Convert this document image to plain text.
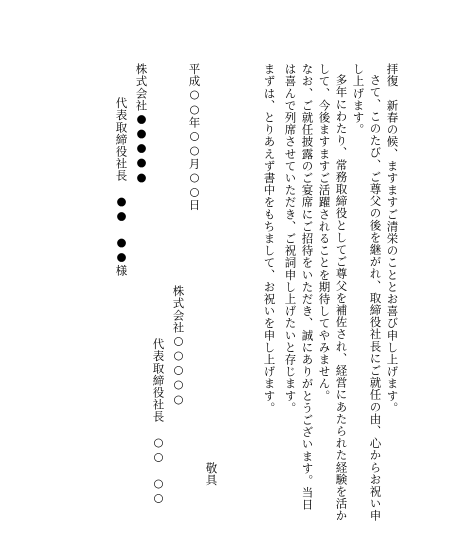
拝復　新春の候、ますますご清栄のこととお喜び申し上げます。

さて、このたび、ご尊父の後を継がれ、取締役社長にご就任の由、心からお祝い申

し上げます。

多年にわたり、常務取締役としてご尊父を補佐され、経営にあたられた経験を活か

して、今後ますますご活躍されることを期待してやみません。

なお、ご就任披露のご宴席にご招待をいただき、誠にありがとうございます。当日

は喜んで列席させていただき、ご祝詞申し上げたいと存じます。

まずは、とりあえず書中をもちまして、お祝いを申し上げます。

敬具

株式会社○○○○○

代表取締役社長　○○　○○

平成○○年○○月○○日

株式会社●●●●●

代表取締役社長　●●　●●様
